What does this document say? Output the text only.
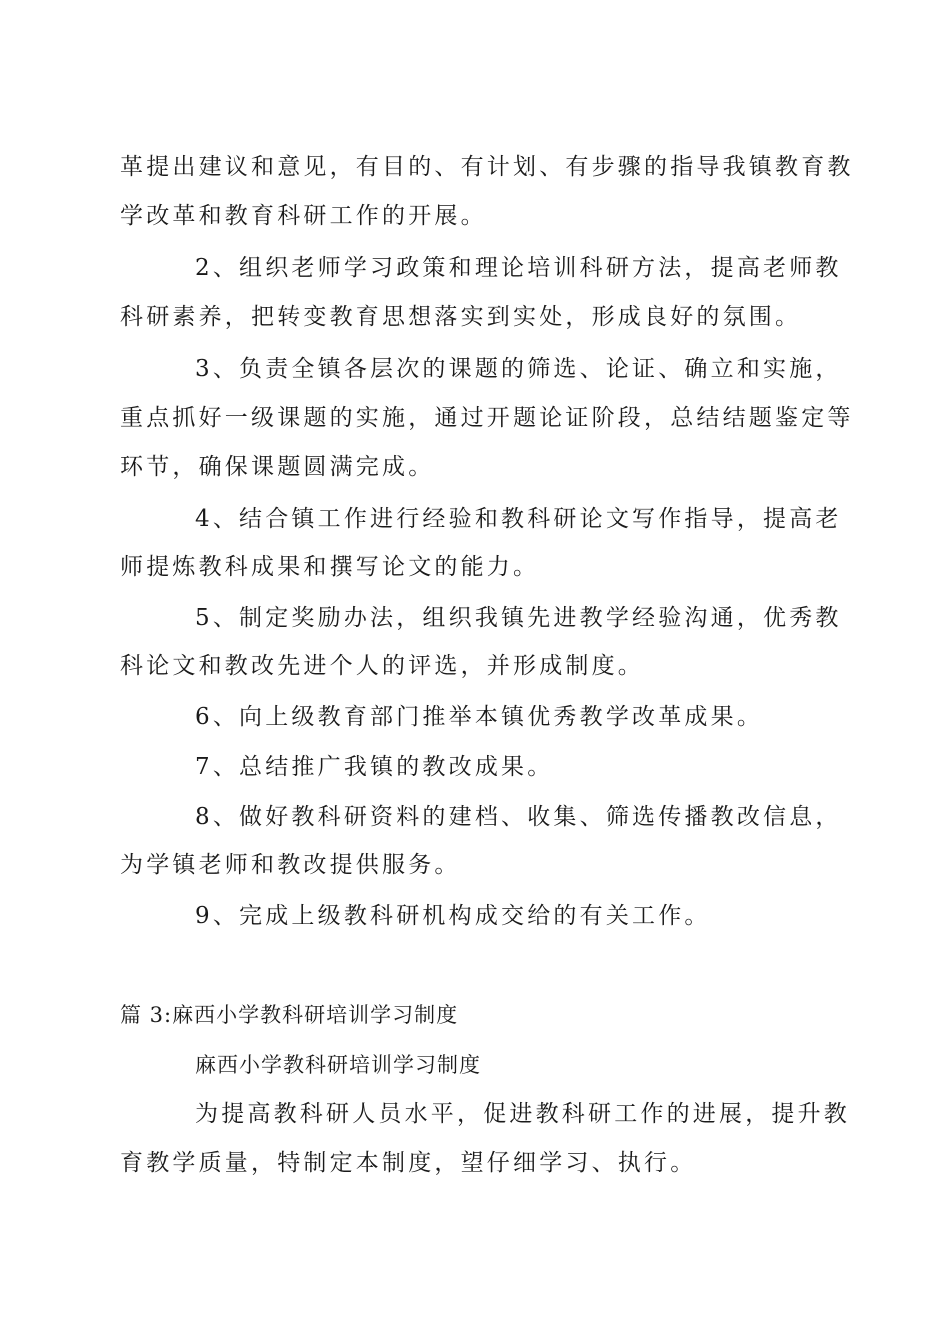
革提出建议和意见，有目的、有计划、有步骤的指导我镇教育教
学改革和教育科研工作的开展。
2、组织老师学习政策和理论培训科研方法，提高老师教
科研素养，把转变教育思想落实到实处，形成良好的氛围。
3、负责全镇各层次的课题的筛选、论证、确立和实施，
重点抓好一级课题的实施，通过开题论证阶段，总结结题鉴定等
环节，确保课题圆满完成。
4、结合镇工作进行经验和教科研论文写作指导，提高老
师提炼教科成果和撰写论文的能力。
5、制定奖励办法，组织我镇先进教学经验沟通，优秀教
科论文和教改先进个人的评选，并形成制度。
6、向上级教育部门推举本镇优秀教学改革成果。
7、总结推广我镇的教改成果。
8、做好教科研资料的建档、收集、筛选传播教改信息，
为学镇老师和教改提供服务。
9、完成上级教科研机构成交给的有关工作。
篇 3:麻西小学教科研培训学习制度
麻西小学教科研培训学习制度
为提高教科研人员水平，促进教科研工作的进展，提升教
育教学质量，特制定本制度，望仔细学习、执行。
